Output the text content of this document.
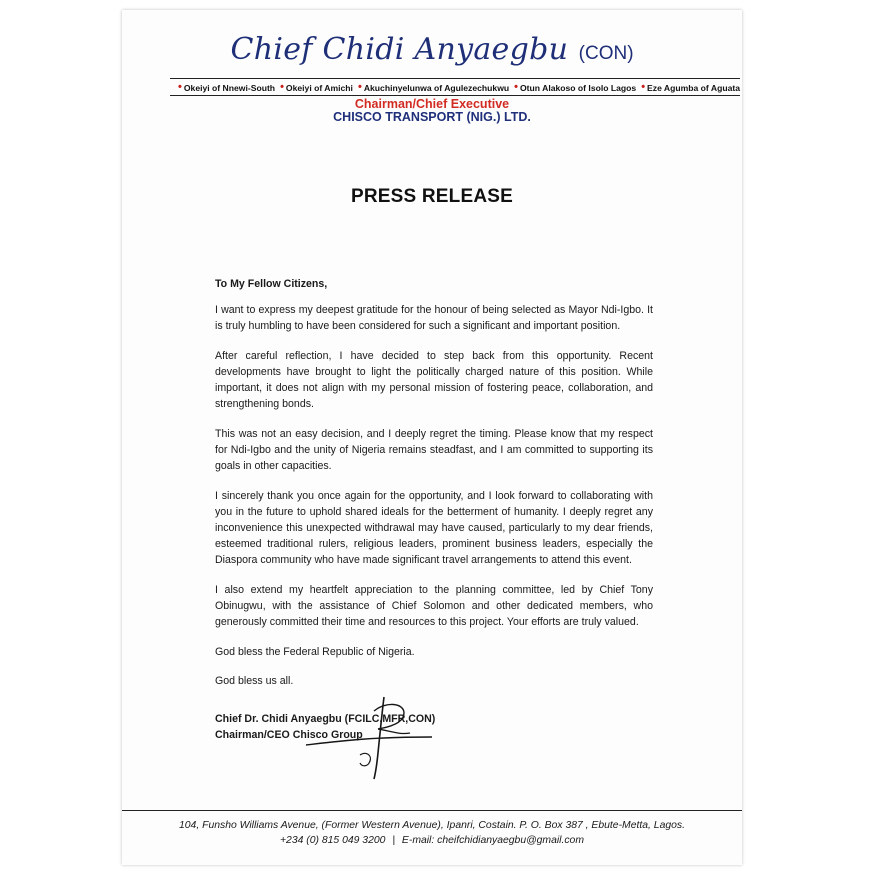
Chief Chidi Anyaegbu (CON)
• Okeiyi of Nnewi-South • Okeiyi of Amichi • Akuchinyelunwa of Agulezechukwu • Otun Alakoso of Isolo Lagos • Eze Agumba of Aguata
Chairman/Chief Executive
CHISCO TRANSPORT (NIG.) LTD.
PRESS RELEASE

To My Fellow Citizens,

I want to express my deepest gratitude for the honour of being selected as Mayor Ndi-Igbo. It is truly humbling to have been considered for such a significant and important position.

After careful reflection, I have decided to step back from this opportunity. Recent developments have brought to light the politically charged nature of this position. While important, it does not align with my personal mission of fostering peace, collaboration, and strengthening bonds.

This was not an easy decision, and I deeply regret the timing. Please know that my respect for Ndi-Igbo and the unity of Nigeria remains steadfast, and I am committed to supporting its goals in other capacities.

I sincerely thank you once again for the opportunity, and I look forward to collaborating with you in the future to uphold shared ideals for the betterment of humanity. I deeply regret any inconvenience this unexpected withdrawal may have caused, particularly to my dear friends, esteemed traditional rulers, religious leaders, prominent business leaders, especially the Diaspora community who have made significant travel arrangements to attend this event.

I also extend my heartfelt appreciation to the planning committee, led by Chief Tony Obinugwu, with the assistance of Chief Solomon and other dedicated members, who generously committed their time and resources to this project. Your efforts are truly valued.

God bless the Federal Republic of Nigeria.

God bless us all.

Chief Dr. Chidi Anyaegbu (FCILC,MFR,CON)

Chairman/CEO Chisco Group

104, Funsho Williams Avenue, (Former Western Avenue), Ipanri, Costain. P. O. Box 387 , Ebute-Metta, Lagos.
+234 (0) 815 049 3200 | E-mail: cheifchidianyaegbu@gmail.com
